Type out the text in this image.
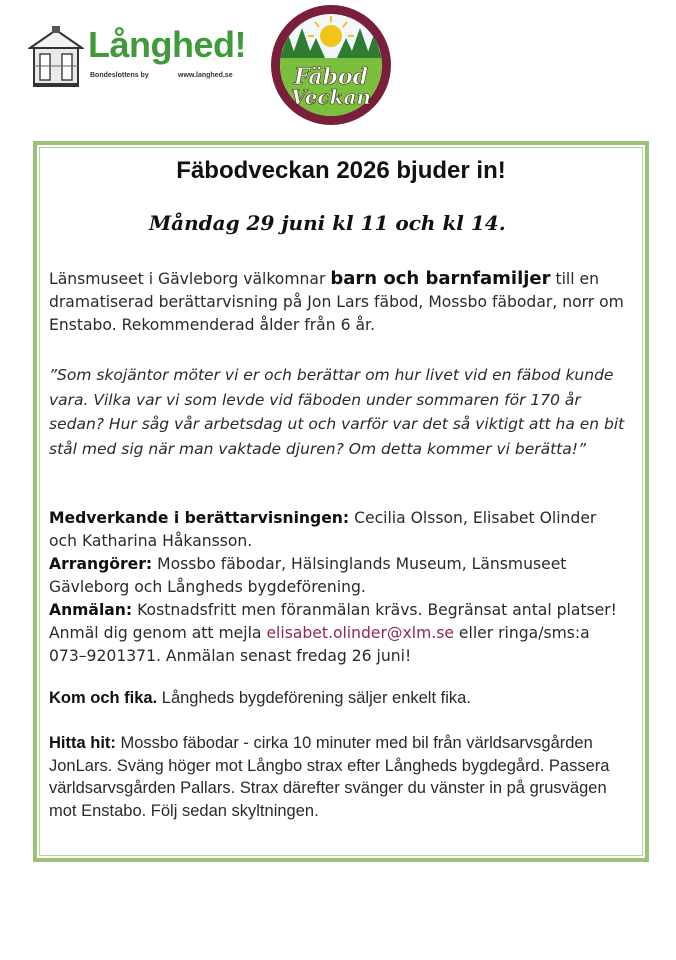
Långhed!
Bondeslottens by	www.langhed.se	Fäbod
Veckan
Fäbodveckan 2026 bjuder in!
Måndag 29 juni kl 11 och kl 14.

Länsmuseet i Gävleborg välkomnar barn och barnfamiljer till en dramatiserad berättarvisning på Jon Lars fäbod, Mossbo fäbodar, norr om Enstabo. Rekommenderad ålder från 6 år.

”Som skojäntor möter vi er och berättar om hur livet vid en fäbod kunde vara. Vilka var vi som levde vid fäboden under sommaren för 170 år sedan? Hur såg vår arbetsdag ut och varför var det så viktigt att ha en bit stål med sig när man vaktade djuren? Om detta kommer vi berätta!”

Medverkande i berättarvisningen: Cecilia Olsson, Elisabet Olinder och Katharina Håkansson.
Arrangörer: Mossbo fäbodar, Hälsinglands Museum, Länsmuseet Gävleborg och Långheds bygdeförening.
Anmälan: Kostnadsfritt men föranmälan krävs. Begränsat antal platser! Anmäl dig genom att mejla elisabet.olinder@xlm.se eller ringa/sms:a 073–9201371. Anmälan senast fredag 26 juni!

Kom och fika. Långheds bygdeförening säljer enkelt fika.

Hitta hit: Mossbo fäbodar - cirka 10 minuter med bil från världsarvsgården JonLars. Sväng höger mot Långbo strax efter Långheds bygdegård. Passera världsarvsgården Pallars. Strax därefter svänger du vänster in på grusvägen mot Enstabo. Följ sedan skyltningen.
